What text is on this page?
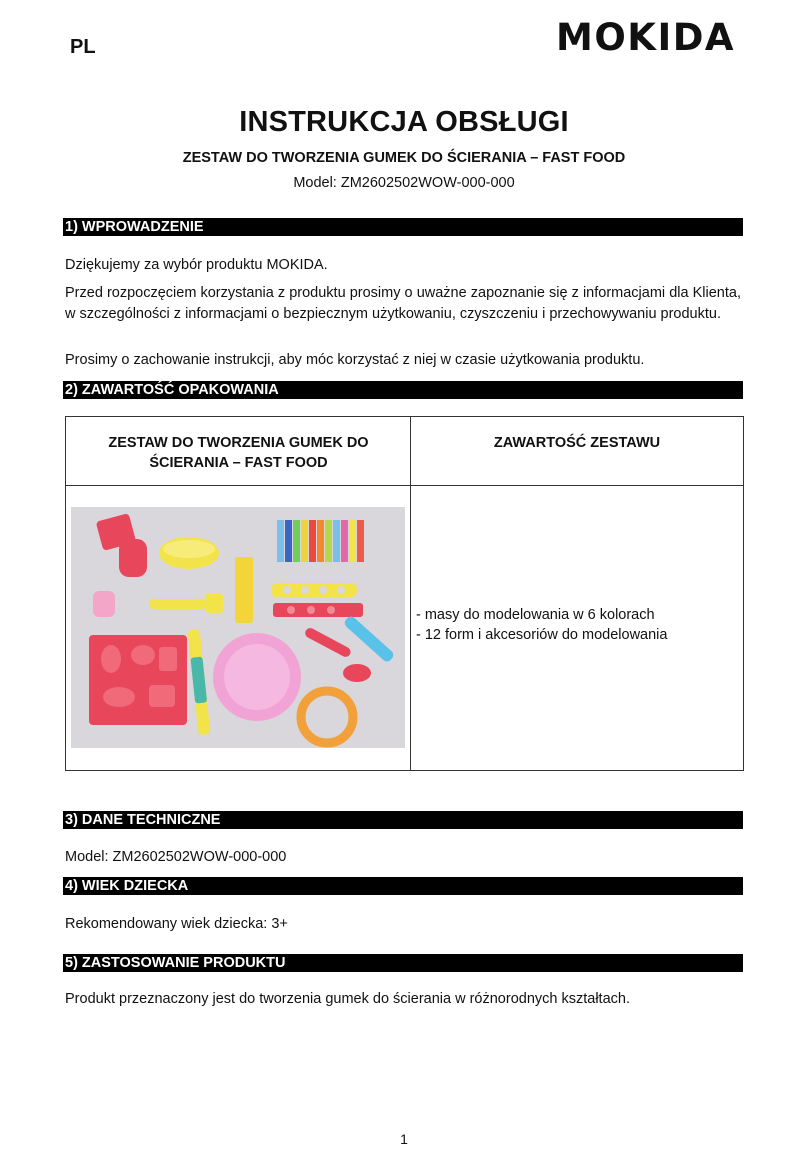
PL	MOKIDA
INSTRUKCJA OBSŁUGI
ZESTAW DO TWORZENIA GUMEK DO ŚCIERANIA – FAST FOOD
Model: ZM2602502WOW-000-000
1) WPROWADZENIE
Dziękujemy za wybór produktu MOKIDA.
Przed rozpoczęciem korzystania z produktu prosimy o uważne zapoznanie się z informacjami dla Klienta, w szczególności z informacjami o bezpiecznym użytkowaniu, czyszczeniu i przechowywaniu produktu.
Prosimy o zachowanie instrukcji, aby móc korzystać z niej w czasie użytkowania produktu.
2) ZAWARTOŚĆ OPAKOWANIA
ZESTAW DO TWORZENIA GUMEK DO ŚCIERANIA – FAST FOOD
ZAWARTOŚĆ ZESTAWU
- masy do modelowania w 6 kolorach
- 12 form i akcesoriów do modelowania
3) DANE TECHNICZNE
Model: ZM2602502WOW-000-000
4) WIEK DZIECKA
Rekomendowany wiek dziecka: 3+
5) ZASTOSOWANIE PRODUKTU
Produkt przeznaczony jest do tworzenia gumek do ścierania w różnorodnych kształtach.
1
